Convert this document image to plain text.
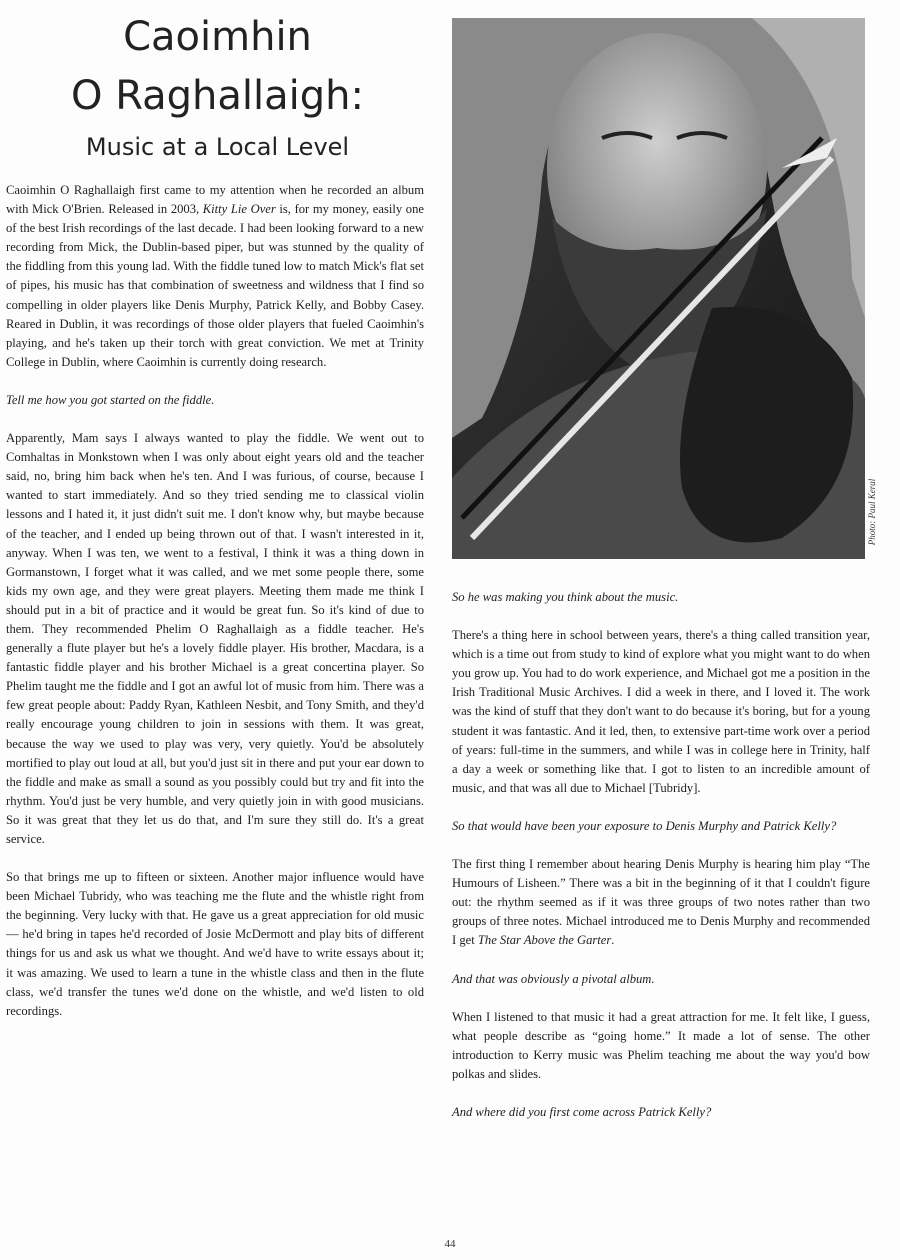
Caoimhin
O Raghallaigh:
Music at a Local Level

Caoimhin O Raghallaigh first came to my attention when he recorded an album with Mick O'Brien. Released in 2003, Kitty Lie Over is, for my money, easily one of the best Irish recordings of the last decade. I had been looking forward to a new recording from Mick, the Dublin-based piper, but was stunned by the quality of the fiddling from this young lad. With the fiddle tuned low to match Mick's flat set of pipes, his music has that combination of sweetness and wildness that I find so compelling in older players like Denis Murphy, Patrick Kelly, and Bobby Casey. Reared in Dublin, it was recordings of those older players that fueled Caoimhin's playing, and he's taken up their torch with great conviction. We met at Trinity College in Dublin, where Caoimhin is currently doing research.

Tell me how you got started on the fiddle.

Apparently, Mam says I always wanted to play the fiddle. We went out to Comhaltas in Monkstown when I was only about eight years old and the teacher said, no, bring him back when he's ten. And I was furious, of course, because I wanted to start immediately. And so they tried sending me to classical violin lessons and I hated it, it just didn't suit me. I don't know why, but maybe because of the teacher, and I ended up being thrown out of that. I wasn't interested in it, anyway. When I was ten, we went to a festival, I think it was a thing down in Gormanstown, I forget what it was called, and we met some people there, some kids my own age, and they were great players. Meeting them made me think I should put in a bit of practice and it would be great fun. So it's kind of due to them. They recommended Phelim O Raghallaigh as a fiddle teacher. He's generally a flute player but he's a lovely fiddle player. His brother, Macdara, is a fantastic fiddle player and his brother Michael is a great concertina player. So Phelim taught me the fiddle and I got an awful lot of music from him. There was a few great people about: Paddy Ryan, Kathleen Nesbit, and Tony Smith, and they'd really encourage young children to join in sessions with them. It was great, because the way we used to play was very, very quietly. You'd be absolutely mortified to play out loud at all, but you'd just sit in there and put your ear down to the fiddle and make as small a sound as you possibly could but try and fit into the rhythm. You'd just be very humble, and very quietly join in with good musicians. So it was great that they let us do that, and I'm sure they still do. It's a great service.

So that brings me up to fifteen or sixteen. Another major influence would have been Michael Tubridy, who was teaching me the flute and the whistle right from the beginning. Very lucky with that. He gave us a great appreciation for old music — he'd bring in tapes he'd recorded of Josie McDermott and play bits of different things for us and ask us what we thought. And we'd have to write essays about it; it was amazing. We used to learn a tune in the whistle class and then in the flute class, we'd transfer the tunes we'd done on the whistle, and we'd listen to old recordings.

Photo: Paul Keral

So he was making you think about the music.

There's a thing here in school between years, there's a thing called transition year, which is a time out from study to kind of explore what you might want to do when you grow up. You had to do work experience, and Michael got me a position in the Irish Traditional Music Archives. I did a week in there, and I loved it. The work was the kind of stuff that they don't want to do because it's boring, but for a young student it was fantastic. And it led, then, to extensive part-time work over a period of years: full-time in the summers, and while I was in college here in Trinity, half a day a week or something like that. I got to listen to an incredible amount of music, and that was all due to Michael [Tubridy].

So that would have been your exposure to Denis Murphy and Patrick Kelly?

The first thing I remember about hearing Denis Murphy is hearing him play “The Humours of Lisheen.” There was a bit in the beginning of it that I couldn't figure out: the rhythm seemed as if it was three groups of two notes rather than two groups of three notes. Michael introduced me to Denis Murphy and recommended I get The Star Above the Garter.

And that was obviously a pivotal album.

When I listened to that music it had a great attraction for me. It felt like, I guess, what people describe as “going home.” It made a lot of sense. The other introduction to Kerry music was Phelim teaching me about the way you'd bow polkas and slides.

And where did you first come across Patrick Kelly?

44
